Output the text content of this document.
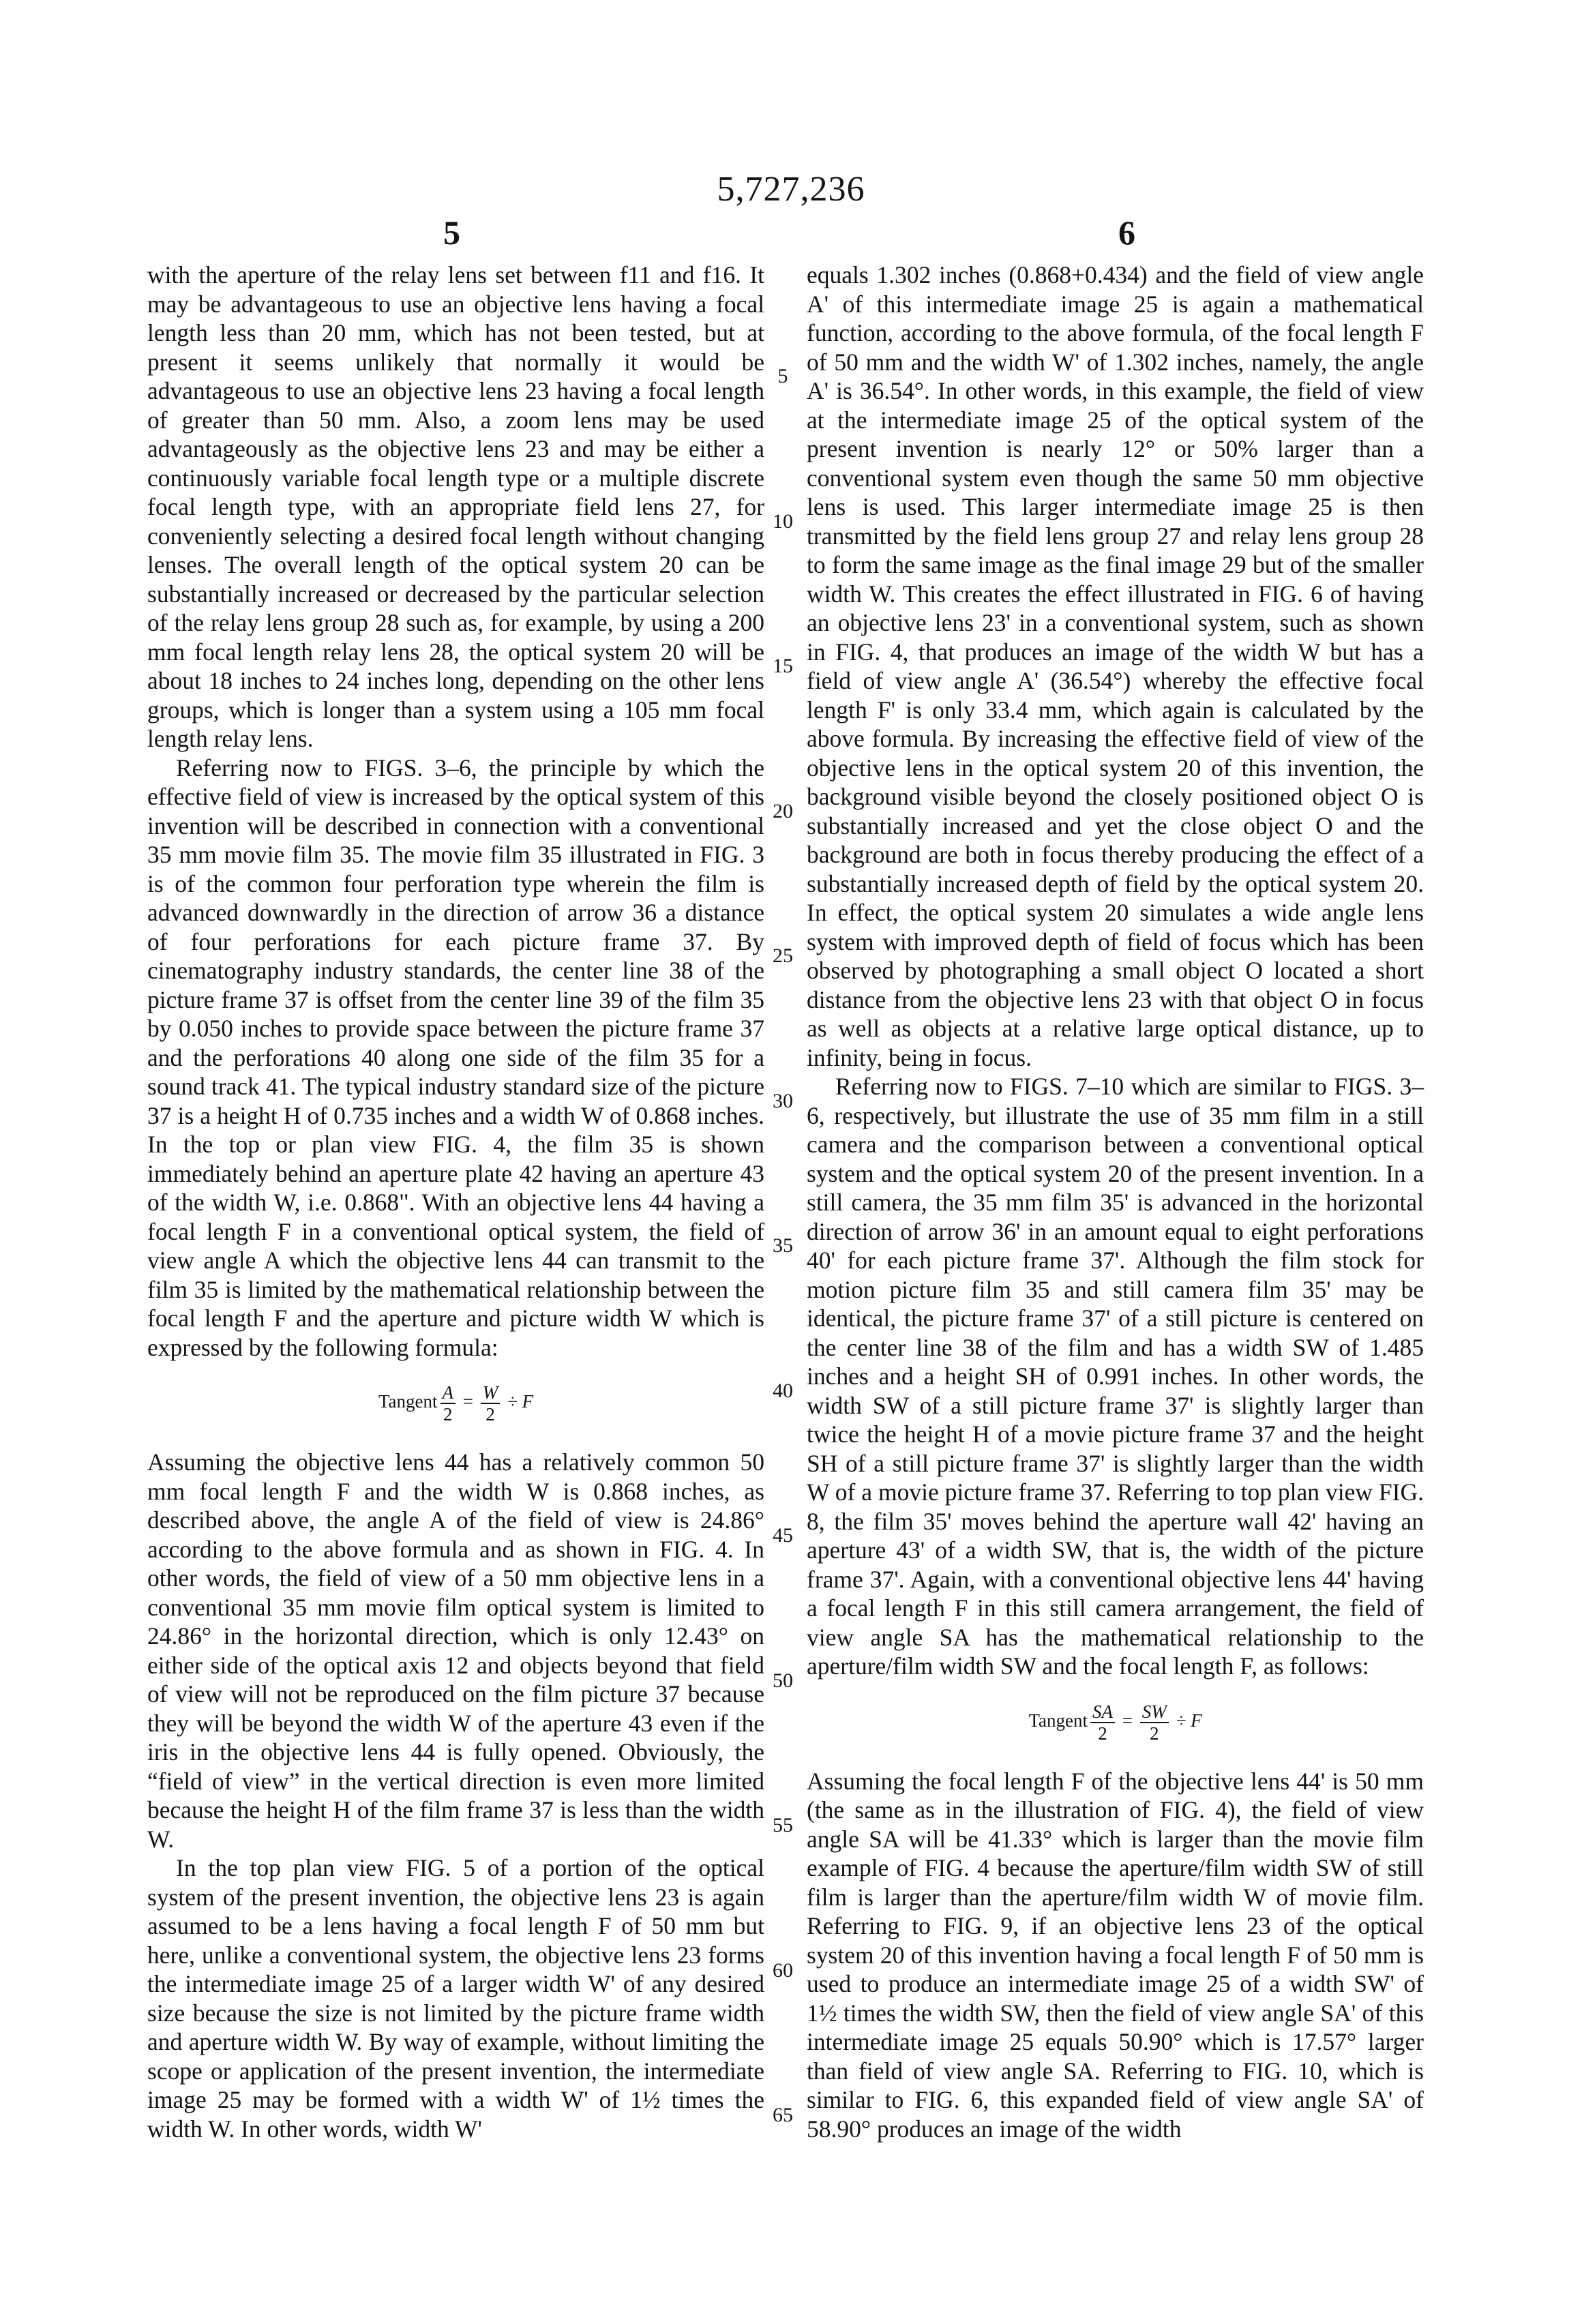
5,727,236
5	6

with the aperture of the relay lens set between f11 and f16. It may be advantageous to use an objective lens having a focal length less than 20 mm, which has not been tested, but at present it seems unlikely that normally it would be advantageous to use an objective lens 23 having a focal length of greater than 50 mm. Also, a zoom lens may be used advantageously as the objective lens 23 and may be either a continuously variable focal length type or a multiple discrete focal length type, with an appropriate field lens 27, for conveniently selecting a desired focal length without changing lenses. The overall length of the optical system 20 can be substantially increased or decreased by the particular selection of the relay lens group 28 such as, for example, by using a 200 mm focal length relay lens 28, the optical system 20 will be about 18 inches to 24 inches long, depending on the other lens groups, which is longer than a system using a 105 mm focal length relay lens.

Referring now to FIGS. 3–6, the principle by which the effective field of view is increased by the optical system of this invention will be described in connection with a conventional 35 mm movie film 35. The movie film 35 illustrated in FIG. 3 is of the common four perforation type wherein the film is advanced downwardly in the direction of arrow 36 a distance of four perforations for each picture frame 37. By cinematography industry standards, the center line 38 of the picture frame 37 is offset from the center line 39 of the film 35 by 0.050 inches to provide space between the picture frame 37 and the perforations 40 along one side of the film 35 for a sound track 41. The typical industry standard size of the picture 37 is a height H of 0.735 inches and a width W of 0.868 inches. In the top or plan view FIG. 4, the film 35 is shown immediately behind an aperture plate 42 having an aperture 43 of the width W, i.e. 0.868". With an objective lens 44 having a focal length F in a conventional optical system, the field of view angle A which the objective lens 44 can transmit to the film 35 is limited by the mathematical relationship between the focal length F and the aperture and picture width W which is expressed by the following formula:

Tangent $\frac{A}{2} = \frac{W}{2} \div F$

Assuming the objective lens 44 has a relatively common 50 mm focal length F and the width W is 0.868 inches, as described above, the angle A of the field of view is 24.86° according to the above formula and as shown in FIG. 4. In other words, the field of view of a 50 mm objective lens in a conventional 35 mm movie film optical system is limited to 24.86° in the horizontal direction, which is only 12.43° on either side of the optical axis 12 and objects beyond that field of view will not be reproduced on the film picture 37 because they will be beyond the width W of the aperture 43 even if the iris in the objective lens 44 is fully opened. Obviously, the “field of view” in the vertical direction is even more limited because the height H of the film frame 37 is less than the width W.

In the top plan view FIG. 5 of a portion of the optical system of the present invention, the objective lens 23 is again assumed to be a lens having a focal length F of 50 mm but here, unlike a conventional system, the objective lens 23 forms the intermediate image 25 of a larger width W' of any desired size because the size is not limited by the picture frame width and aperture width W. By way of example, without limiting the scope or application of the present invention, the intermediate image 25 may be formed with a width W' of 1½ times the width W. In other words, width W'

equals 1.302 inches (0.868+0.434) and the field of view angle A' of this intermediate image 25 is again a mathematical function, according to the above formula, of the focal length F of 50 mm and the width W' of 1.302 inches, namely, the angle A' is 36.54°. In other words, in this example, the field of view at the intermediate image 25 of the optical system of the present invention is nearly 12° or 50% larger than a conventional system even though the same 50 mm objective lens is used. This larger intermediate image 25 is then transmitted by the field lens group 27 and relay lens group 28 to form the same image as the final image 29 but of the smaller width W. This creates the effect illustrated in FIG. 6 of having an objective lens 23' in a conventional system, such as shown in FIG. 4, that produces an image of the width W but has a field of view angle A' (36.54°) whereby the effective focal length F' is only 33.4 mm, which again is calculated by the above formula. By increasing the effective field of view of the objective lens in the optical system 20 of this invention, the background visible beyond the closely positioned object O is substantially increased and yet the close object O and the background are both in focus thereby producing the effect of a substantially increased depth of field by the optical system 20. In effect, the optical system 20 simulates a wide angle lens system with improved depth of field of focus which has been observed by photographing a small object O located a short distance from the objective lens 23 with that object O in focus as well as objects at a relative large optical distance, up to infinity, being in focus.

Referring now to FIGS. 7–10 which are similar to FIGS. 3–6, respectively, but illustrate the use of 35 mm film in a still camera and the comparison between a conventional optical system and the optical system 20 of the present invention. In a still camera, the 35 mm film 35' is advanced in the horizontal direction of arrow 36' in an amount equal to eight perforations 40' for each picture frame 37'. Although the film stock for motion picture film 35 and still camera film 35' may be identical, the picture frame 37' of a still picture is centered on the center line 38 of the film and has a width SW of 1.485 inches and a height SH of 0.991 inches. In other words, the width SW of a still picture frame 37' is slightly larger than twice the height H of a movie picture frame 37 and the height SH of a still picture frame 37' is slightly larger than the width W of a movie picture frame 37. Referring to top plan view FIG. 8, the film 35' moves behind the aperture wall 42' having an aperture 43' of a width SW, that is, the width of the picture frame 37'. Again, with a conventional objective lens 44' having a focal length F in this still camera arrangement, the field of view angle SA has the mathematical relationship to the aperture/film width SW and the focal length F, as follows:

Tangent $\frac{SA}{2} = \frac{SW}{2} \div F$

Assuming the focal length F of the objective lens 44' is 50 mm (the same as in the illustration of FIG. 4), the field of view angle SA will be 41.33° which is larger than the movie film example of FIG. 4 because the aperture/film width SW of still film is larger than the aperture/film width W of movie film. Referring to FIG. 9, if an objective lens 23 of the optical system 20 of this invention having a focal length F of 50 mm is used to produce an intermediate image 25 of a width SW' of 1½ times the width SW, then the field of view angle SA' of this intermediate image 25 equals 50.90° which is 17.57° larger than field of view angle SA. Referring to FIG. 10, which is similar to FIG. 6, this expanded field of view angle SA' of 58.90° produces an image of the width

5
10
15
20
25
30
35
40
45
50
55
60
65
